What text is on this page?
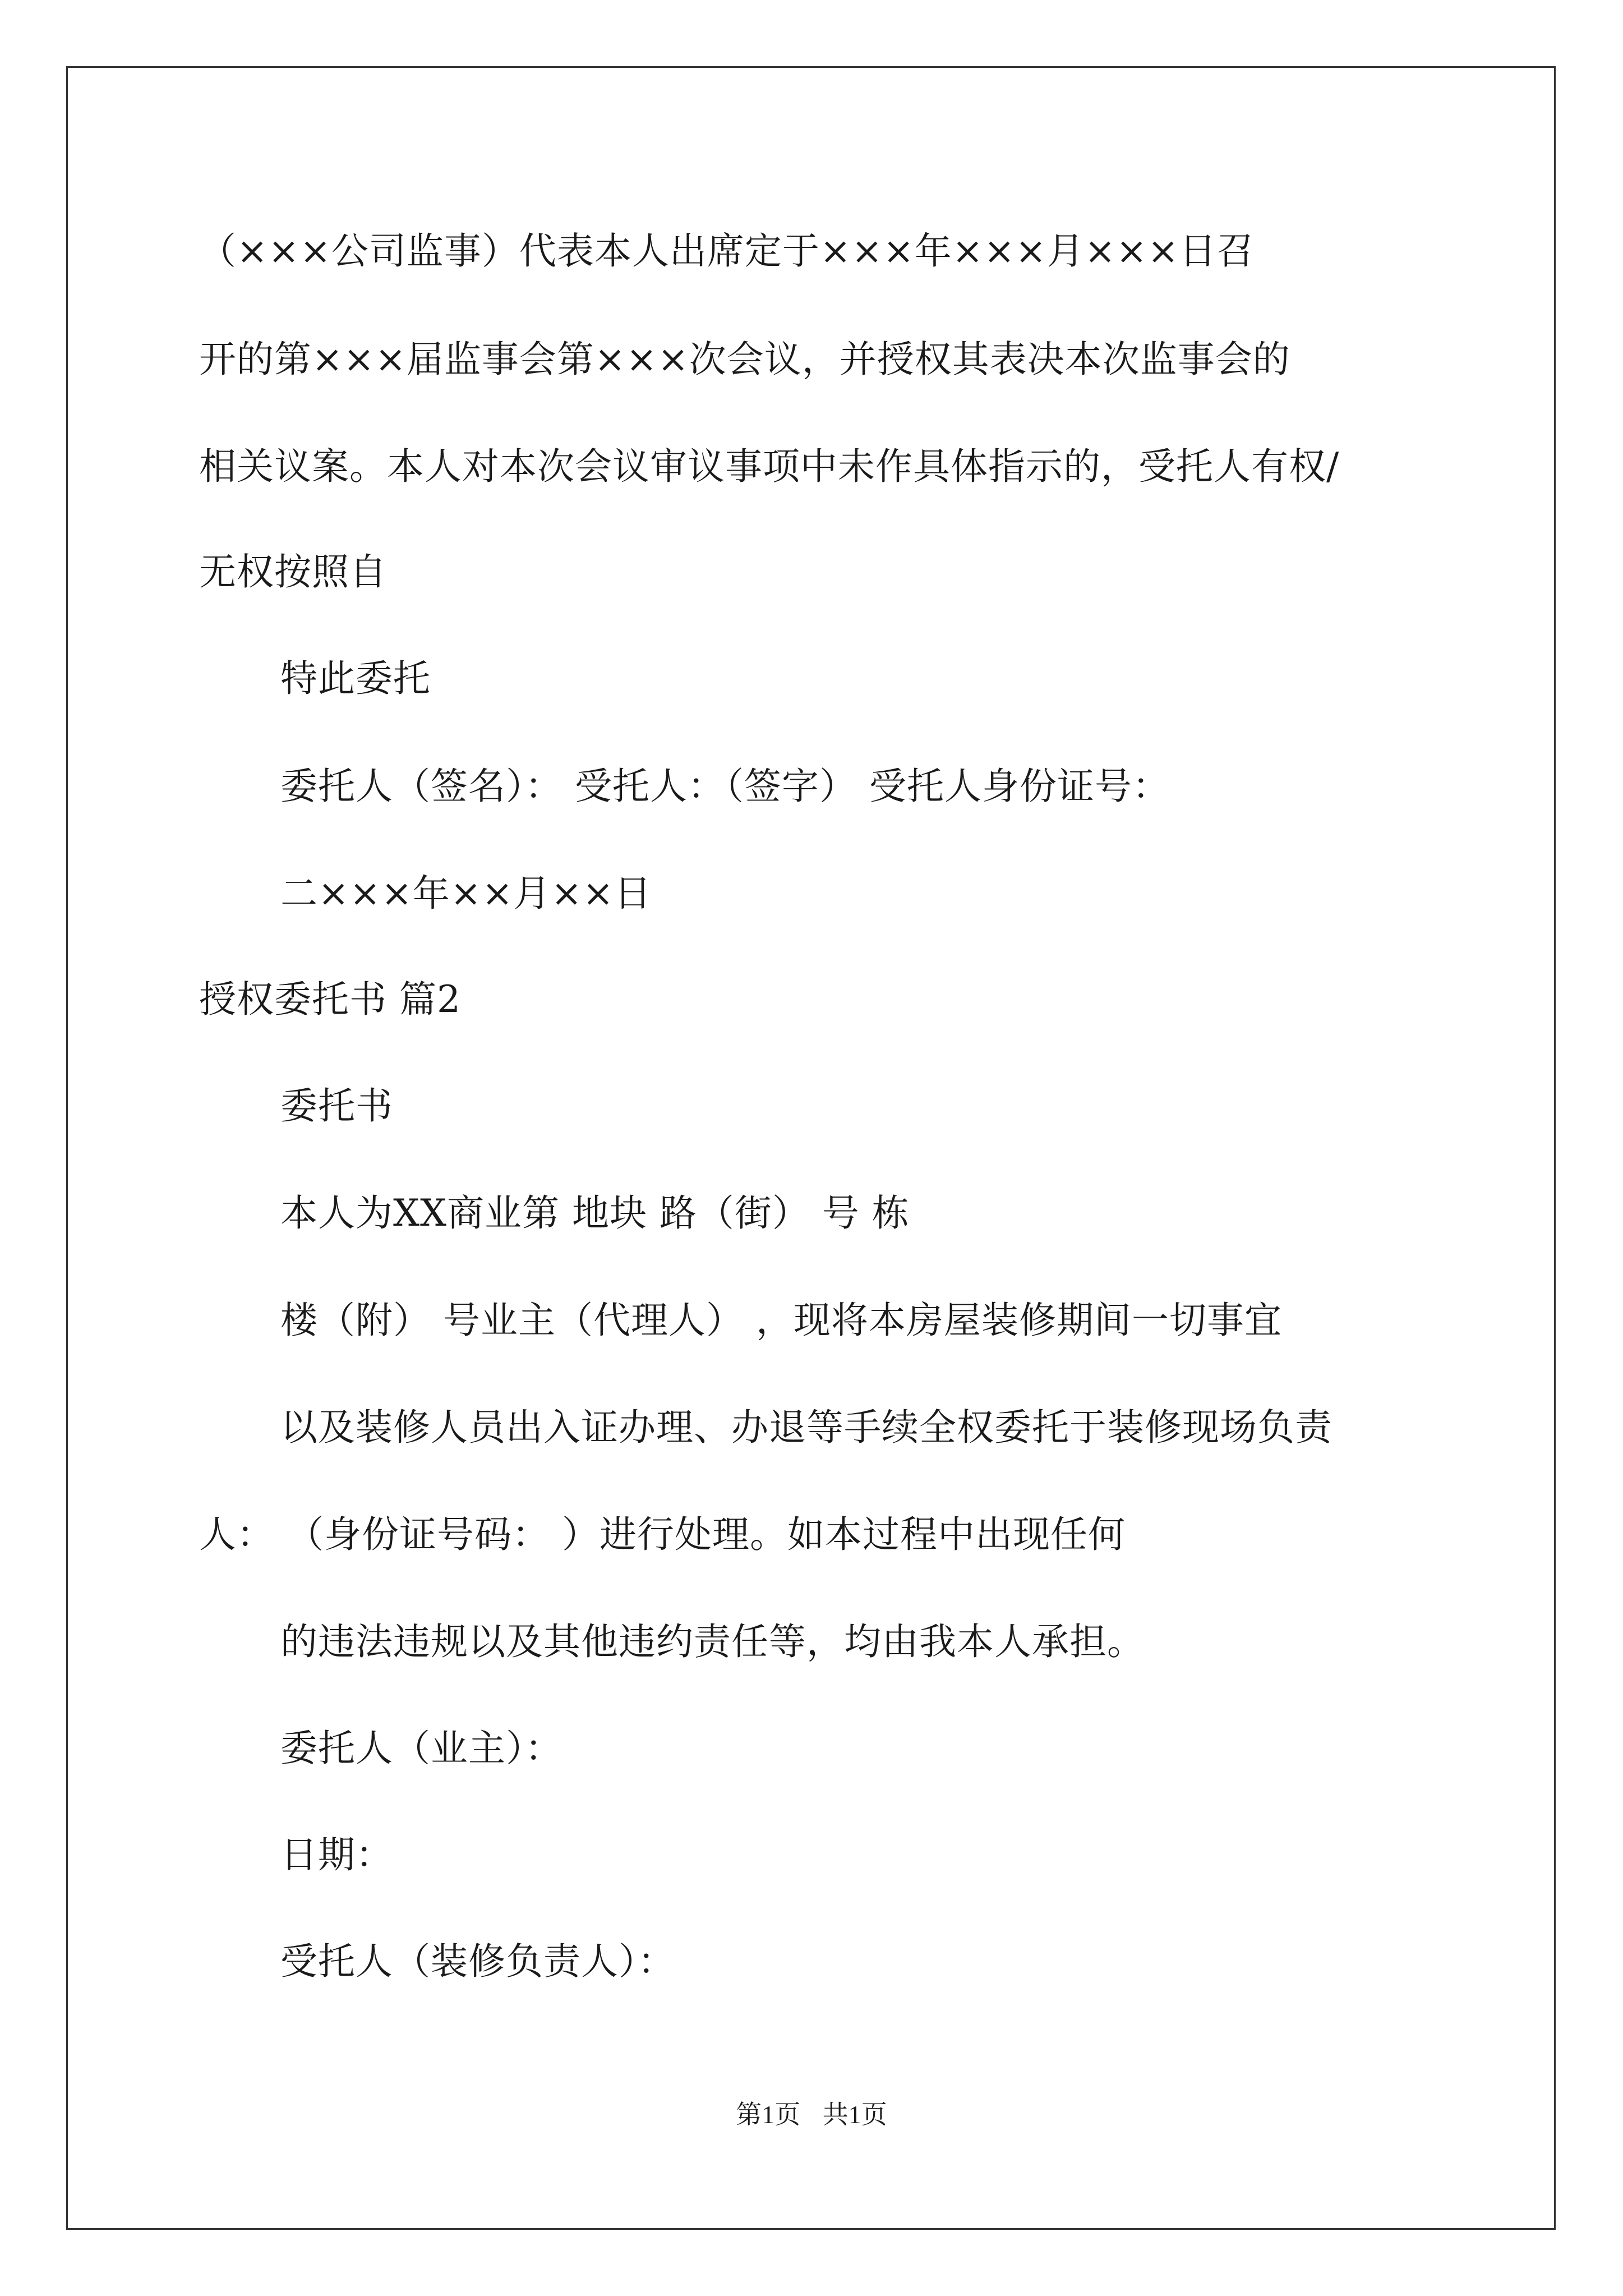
（×××公司监事）代表本人出席定于×××年×××月×××日召
开的第×××届监事会第×××次会议，并授权其表决本次监事会的
相关议案。本人对本次会议审议事项中未作具体指示的，受托人有权/
无权按照自
特此委托
委托人（签名）： 受托人：（签字） 受托人身份证号：
二×××年××月××日
授权委托书 篇2
委托书
本人为XX商业第 地块 路（街） 号 栋
楼（附） 号业主（代理人） ，现将本房屋装修期间一切事宜
以及装修人员出入证办理、办退等手续全权委托于装修现场负责
人： （身份证号码： ）进行处理。如本过程中出现任何
的违法违规以及其他违约责任等，均由我本人承担。
委托人（业主）：
日期：
受托人（装修负责人）：
第1页 共1页
